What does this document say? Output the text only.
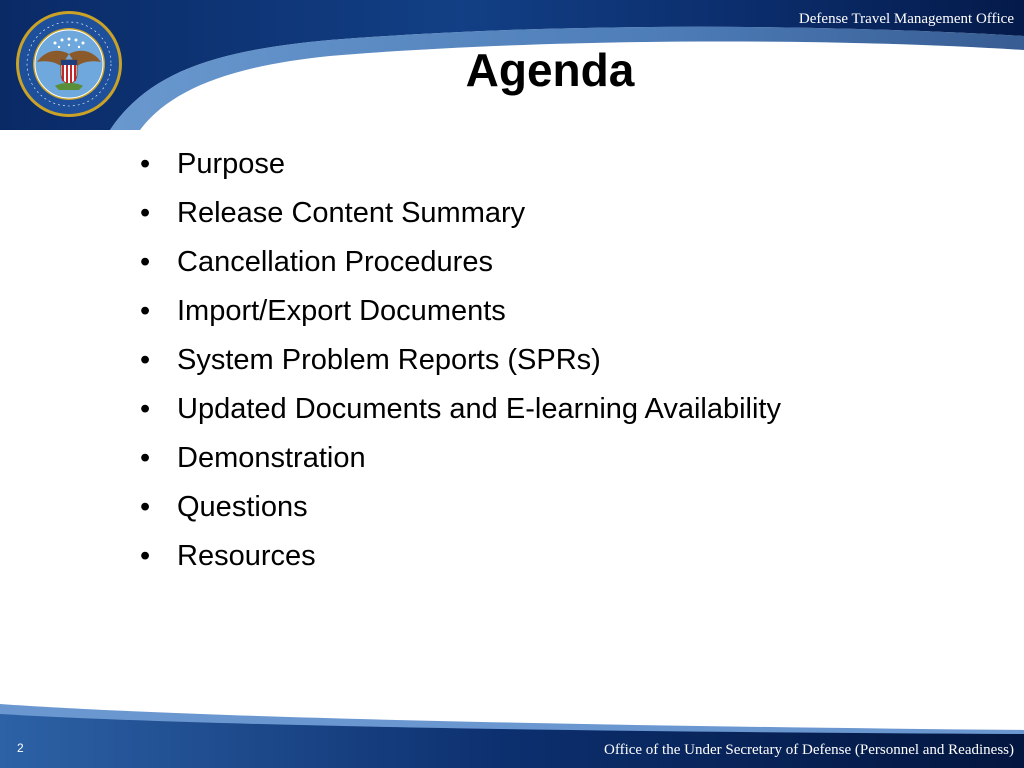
Defense Travel Management Office
Agenda
• Purpose
• Release Content Summary
• Cancellation Procedures
• Import/Export Documents
• System Problem Reports (SPRs)
• Updated Documents and E-learning Availability
• Demonstration
• Questions
• Resources
2	Office of the Under Secretary of Defense (Personnel and Readiness)
